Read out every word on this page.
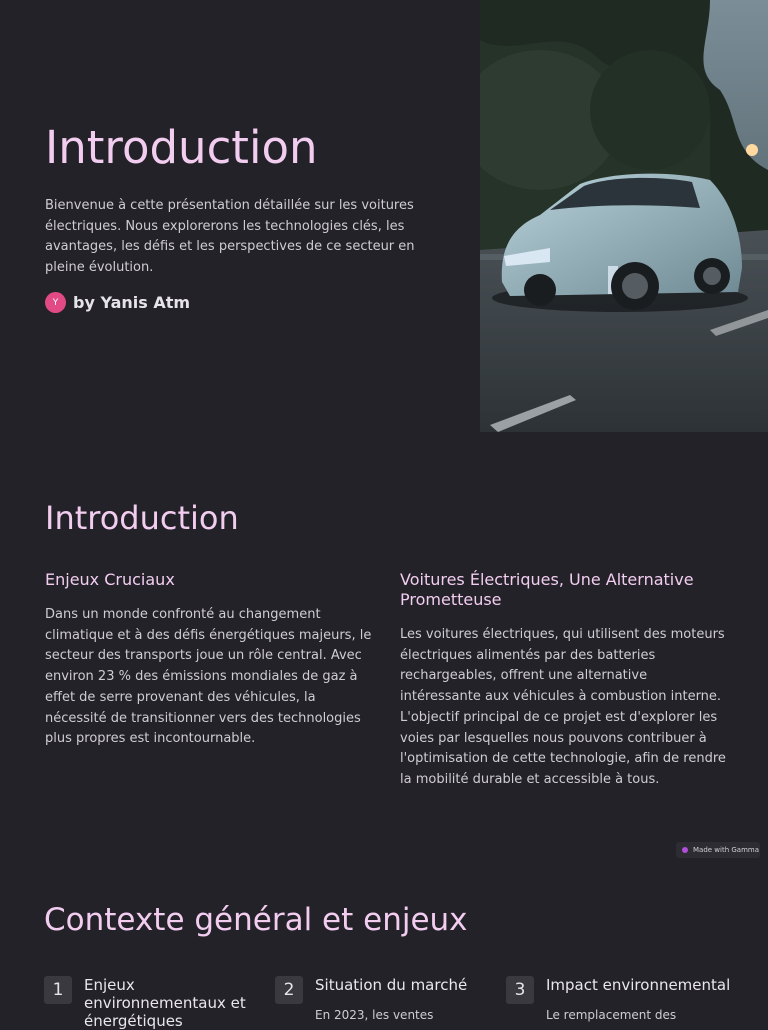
Introduction

Bienvenue à cette présentation détaillée sur les voitures électriques. Nous explorerons les technologies clés, les avantages, les défis et les perspectives de ce secteur en pleine évolution.

Y by Yanis Atm
Introduction
Enjeux Cruciaux

Dans un monde confronté au changement climatique et à des défis énergétiques majeurs, le secteur des transports joue un rôle central. Avec environ 23 % des émissions mondiales de gaz à effet de serre provenant des véhicules, la nécessité de transitionner vers des technologies plus propres est incontournable.

Voitures Électriques, Une Alternative Prometteuse

Les voitures électriques, qui utilisent des moteurs électriques alimentés par des batteries rechargeables, offrent une alternative intéressante aux véhicules à combustion interne. L'objectif principal de ce projet est d'explorer les voies par lesquelles nous pouvons contribuer à l'optimisation de cette technologie, afin de rendre la mobilité durable et accessible à tous.

Made with Gamma
Contexte général et enjeux
1	Enjeux environnementaux et énergétiques
2	Situation du marché

En 2023, les ventes

3	Impact environnemental

Le remplacement des
